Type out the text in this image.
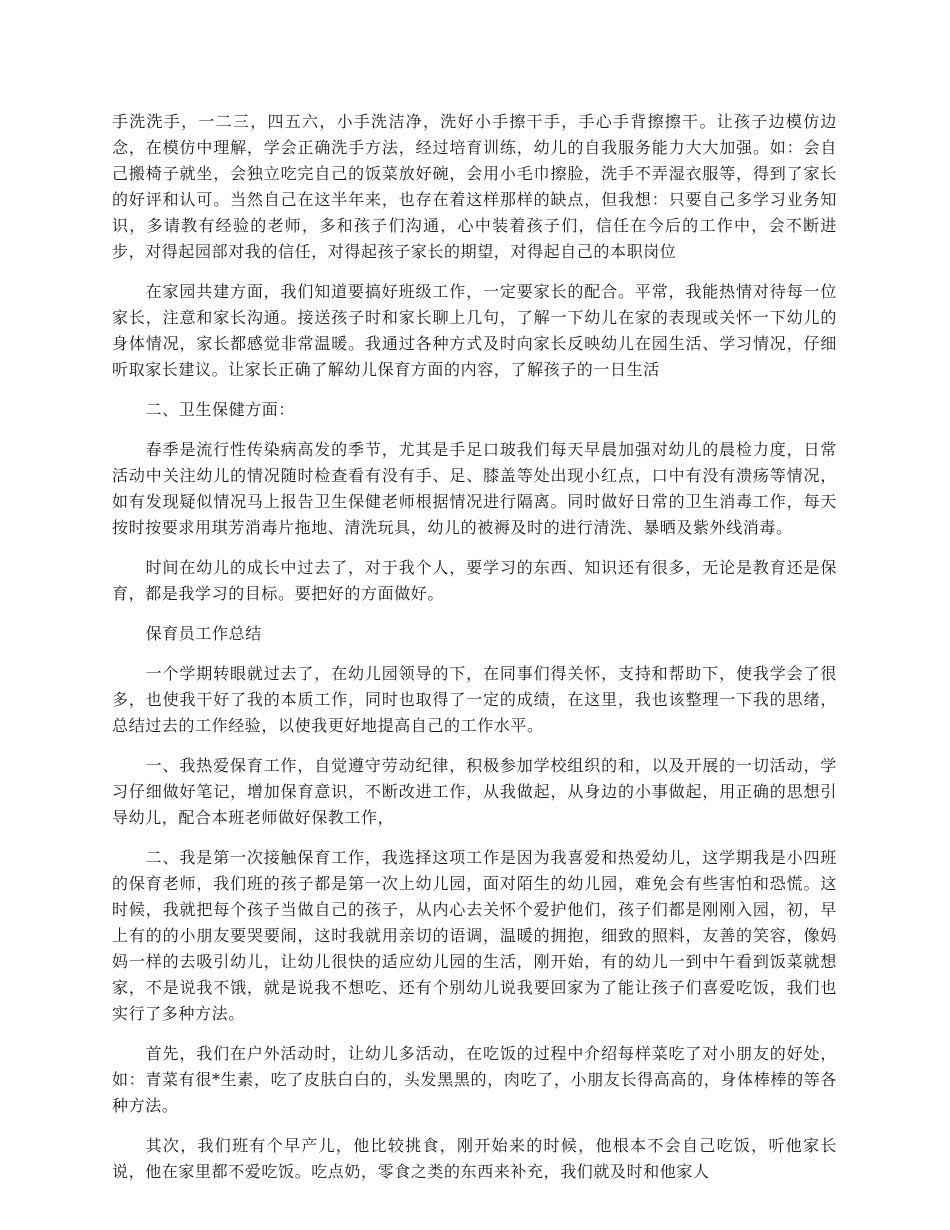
手洗洗手，一二三，四五六，小手洗洁净，洗好小手擦干手，手心手背擦擦干。让孩子边模仿边念，在模仿中理解，学会正确洗手方法，经过培育训练，幼儿的自我服务能力大大加强。如：会自己搬椅子就坐，会独立吃完自己的饭菜放好碗，会用小毛巾擦脸，洗手不弄湿衣服等，得到了家长的好评和认可。当然自己在这半年来，也存在着这样那样的缺点，但我想：只要自己多学习业务知识，多请教有经验的老师，多和孩子们沟通，心中装着孩子们，信任在今后的工作中，会不断进步，对得起园部对我的信任，对得起孩子家长的期望，对得起自己的本职岗位

在家园共建方面，我们知道要搞好班级工作，一定要家长的配合。平常，我能热情对待每一位家长，注意和家长沟通。接送孩子时和家长聊上几句，了解一下幼儿在家的表现或关怀一下幼儿的身体情况，家长都感觉非常温暖。我通过各种方式及时向家长反映幼儿在园生活、学习情况，仔细听取家长建议。让家长正确了解幼儿保育方面的内容，了解孩子的一日生活

二、卫生保健方面：

春季是流行性传染病高发的季节，尤其是手足口玻我们每天早晨加强对幼儿的晨检力度，日常活动中关注幼儿的情况随时检查看有没有手、足、膝盖等处出现小红点，口中有没有溃疡等情况，如有发现疑似情况马上报告卫生保健老师根据情况进行隔离。同时做好日常的卫生消毒工作，每天按时按要求用琪芳消毒片拖地、清洗玩具，幼儿的被褥及时的进行清洗、暴晒及紫外线消毒。

时间在幼儿的成长中过去了，对于我个人，要学习的东西、知识还有很多，无论是教育还是保育，都是我学习的目标。要把好的方面做好。

保育员工作总结

一个学期转眼就过去了，在幼儿园领导的下，在同事们得关怀，支持和帮助下，使我学会了很多，也使我干好了我的本质工作，同时也取得了一定的成绩，在这里，我也该整理一下我的思绪，总结过去的工作经验，以使我更好地提高自己的工作水平。

一、我热爱保育工作，自觉遵守劳动纪律，积极参加学校组织的和，以及开展的一切活动，学习仔细做好笔记，增加保育意识，不断改进工作，从我做起，从身边的小事做起，用正确的思想引导幼儿，配合本班老师做好保教工作，

二、我是第一次接触保育工作，我选择这项工作是因为我喜爱和热爱幼儿，这学期我是小四班的保育老师，我们班的孩子都是第一次上幼儿园，面对陌生的幼儿园，难免会有些害怕和恐慌。这时候，我就把每个孩子当做自己的孩子，从内心去关怀个爱护他们，孩子们都是刚刚入园，初，早上有的的小朋友要哭要闹，这时我就用亲切的语调，温暖的拥抱，细致的照料，友善的笑容，像妈妈一样的去吸引幼儿，让幼儿很快的适应幼儿园的生活，刚开始，有的幼儿一到中午看到饭菜就想家，不是说我不饿，就是说我不想吃、还有个别幼儿说我要回家为了能让孩子们喜爱吃饭，我们也实行了多种方法。

首先，我们在户外活动时，让幼儿多活动，在吃饭的过程中介绍每样菜吃了对小朋友的好处，如：青菜有很*生素，吃了皮肤白白的，头发黑黑的，肉吃了，小朋友长得高高的，身体棒棒的等各种方法。

其次，我们班有个早产儿，他比较挑食，刚开始来的时候，他根本不会自己吃饭，听他家长说，他在家里都不爱吃饭。吃点奶，零食之类的东西来补充，我们就及时和他家人
